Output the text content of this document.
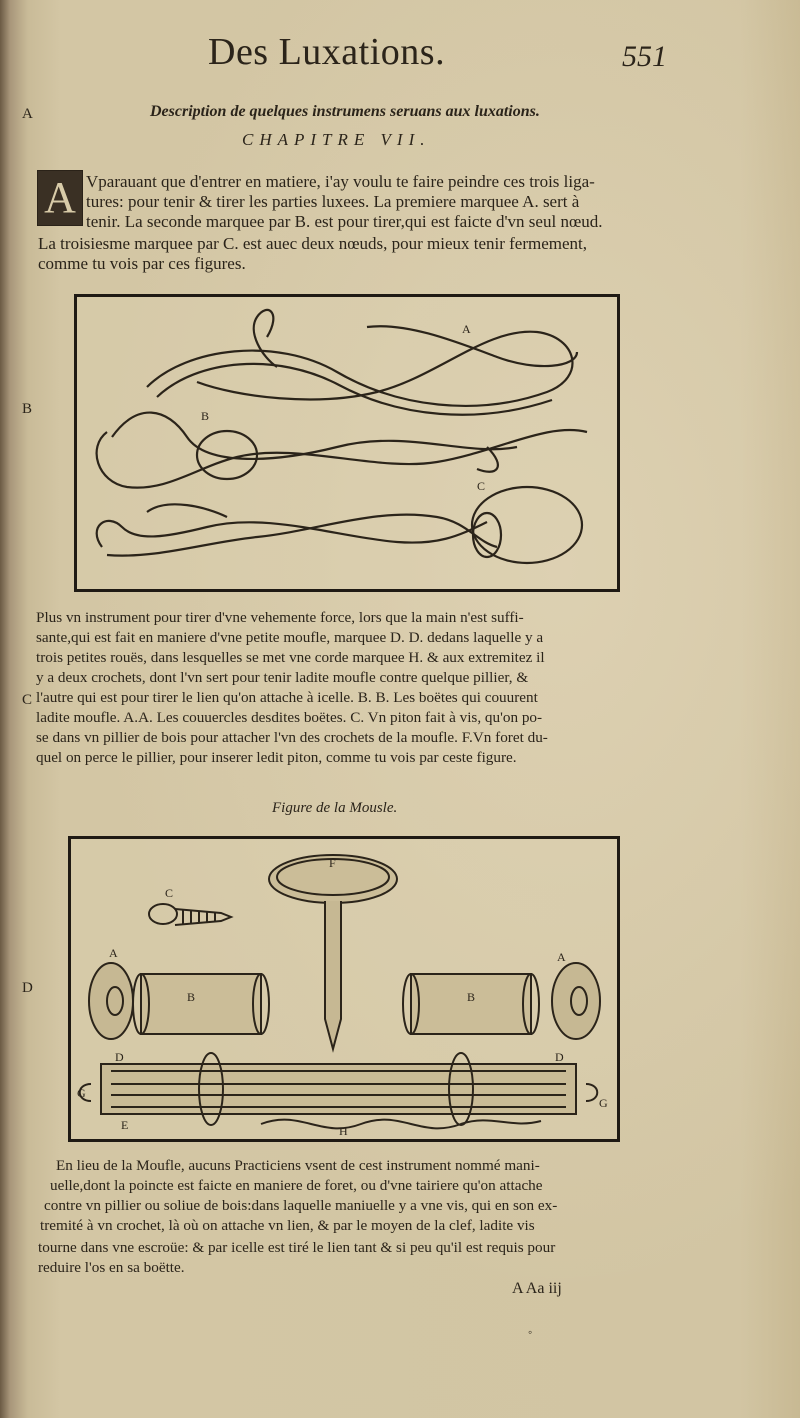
Des Luxations.	551
A
B
C
D
Description de quelques instrumens seruans aux luxations.
CHAPITRE VII.
A Vparauant que d'entrer en matiere, i'ay voulu te faire peindre ces trois liga-
tures: pour tenir & tirer les parties luxees. La premiere marquee A. sert à
tenir. La seconde marquee par B. est pour tirer,qui est faicte d'vn seul nœud.
La troisiesme marquee par C. est auec deux nœuds, pour mieux tenir fermement,
comme tu vois par ces figures.
A
B
C
Plus vn instrument pour tirer d'vne vehemente force, lors que la main n'est suffi-
sante,qui est fait en maniere d'vne petite moufle, marquee D. D. dedans laquelle y a
trois petites rouës, dans lesquelles se met vne corde marquee H. & aux extremitez il
y a deux crochets, dont l'vn sert pour tenir ladite moufle contre quelque pillier, &
l'autre qui est pour tirer le lien qu'on attache à icelle. B. B. Les boëtes qui couurent
ladite moufle. A.A. Les couuercles desdites boëtes. C. Vn piton fait à vis, qu'on po-
se dans vn pillier de bois pour attacher l'vn des crochets de la moufle. F.Vn foret du-
quel on perce le pillier, pour inserer ledit piton, comme tu vois par ceste figure.
Figure de la Mousle.
F
C
A
B	B
A
D	D
G
G
E	H
En lieu de la Moufle, aucuns Practiciens vsent de cest instrument nommé mani-
uelle,dont la poincte est faicte en maniere de foret, ou d'vne tairiere qu'on attache
contre vn pillier ou soliue de bois:dans laquelle maniuelle y a vne vis, qui en son ex-
tremité à vn crochet, là où on attache vn lien, & par le moyen de la clef, ladite vis
tourne dans vne escroüe: & par icelle est tiré le lien tant & si peu qu'il est requis pour
reduire l'os en sa boëtte.
A Aa iij
◦
